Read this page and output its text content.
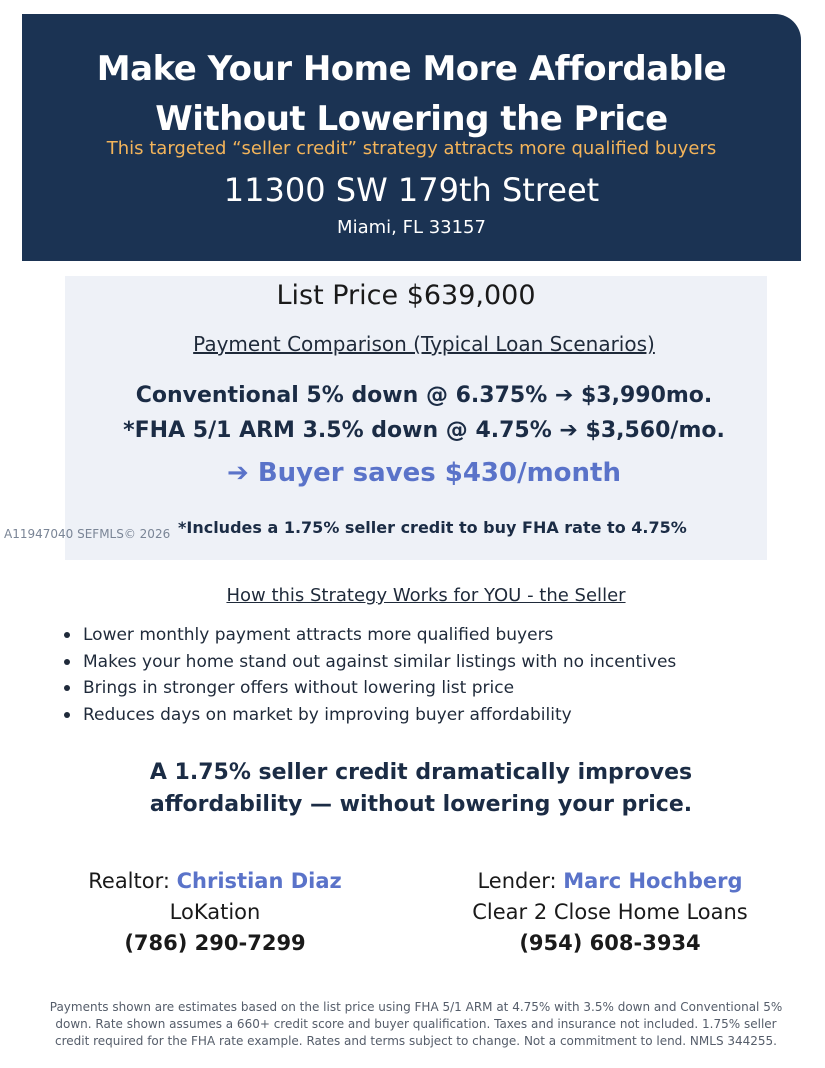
Make Your Home More Affordable
Without Lowering the Price
This targeted “seller credit” strategy attracts more qualified buyers
11300 SW 179th Street
Miami, FL 33157
List Price $639,000
Payment Comparison (Typical Loan Scenarios)
Conventional 5% down @ 6.375% ➔ $3,990mo.
*FHA 5/1 ARM 3.5% down @ 4.75% ➔ $3,560/mo.
➔ Buyer saves $430/month
A11947040 SEFMLS© 2026 *Includes a 1.75% seller credit to buy FHA rate to 4.75%
How this Strategy Works for YOU - the Seller
Lower monthly payment attracts more qualified buyers
Makes your home stand out against similar listings with no incentives
Brings in stronger offers without lowering list price
Reduces days on market by improving buyer affordability
A 1.75% seller credit dramatically improves
affordability — without lowering your price.
Realtor: Christian Diaz
LoKation
(786) 290-7299
Lender: Marc Hochberg
Clear 2 Close Home Loans
(954) 608-3934
Payments shown are estimates based on the list price using FHA 5/1 ARM at 4.75% with 3.5% down and Conventional 5%
down. Rate shown assumes a 660+ credit score and buyer qualification. Taxes and insurance not included. 1.75% seller
credit required for the FHA rate example. Rates and terms subject to change. Not a commitment to lend. NMLS 344255.
